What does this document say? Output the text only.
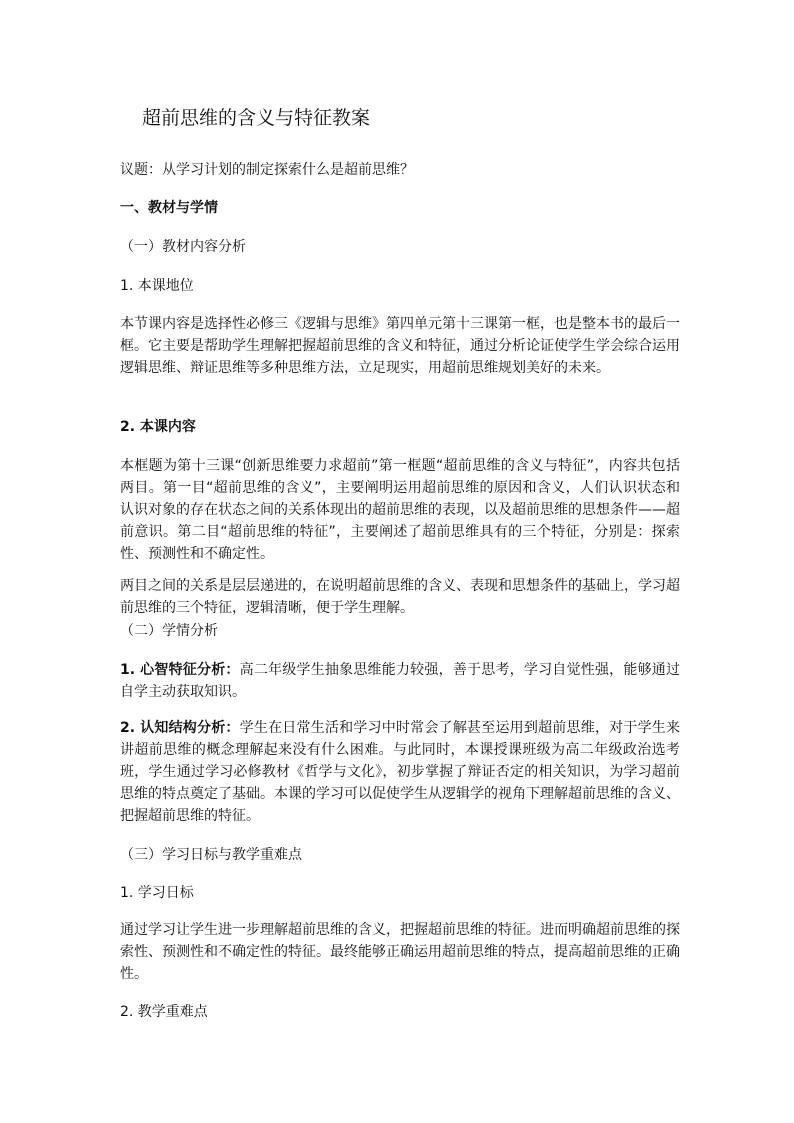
超前思维的含义与特征教案
议题：从学习计划的制定探索什么是超前思维？
一、教材与学情
（一）教材内容分析
1. 本课地位
本节课内容是选择性必修三《逻辑与思维》第四单元第十三课第一框，也是整本书的最后一框。它主要是帮助学生理解把握超前思维的含义和特征，通过分析论证使学生学会综合运用逻辑思维、辩证思维等多种思维方法，立足现实，用超前思维规划美好的未来。
2. 本课内容
本框题为第十三课“创新思维要力求超前”第一框题“超前思维的含义与特征”，内容共包括两目。第一目“超前思维的含义”，主要阐明运用超前思维的原因和含义，人们认识状态和认识对象的存在状态之间的关系体现出的超前思维的表现，以及超前思维的思想条件——超前意识。第二目“超前思维的特征”，主要阐述了超前思维具有的三个特征，分别是：探索性、预测性和不确定性。
两目之间的关系是层层递进的，在说明超前思维的含义、表现和思想条件的基础上，学习超前思维的三个特征，逻辑清晰，便于学生理解。
（二）学情分析
1. 心智特征分析：高二年级学生抽象思维能力较强，善于思考，学习自觉性强，能够通过自学主动获取知识。
2. 认知结构分析：学生在日常生活和学习中时常会了解甚至运用到超前思维，对于学生来讲超前思维的概念理解起来没有什么困难。与此同时，本课授课班级为高二年级政治选考班，学生通过学习必修教材《哲学与文化》，初步掌握了辩证否定的相关知识，为学习超前思维的特点奠定了基础。本课的学习可以促使学生从逻辑学的视角下理解超前思维的含义、把握超前思维的特征。
（三）学习日标与教学重难点
1. 学习日标
通过学习让学生进一步理解超前思维的含义，把握超前思维的特征。进而明确超前思维的探索性、预测性和不确定性的特征。最终能够正确运用超前思维的特点，提高超前思维的正确性。
2. 教学重难点
